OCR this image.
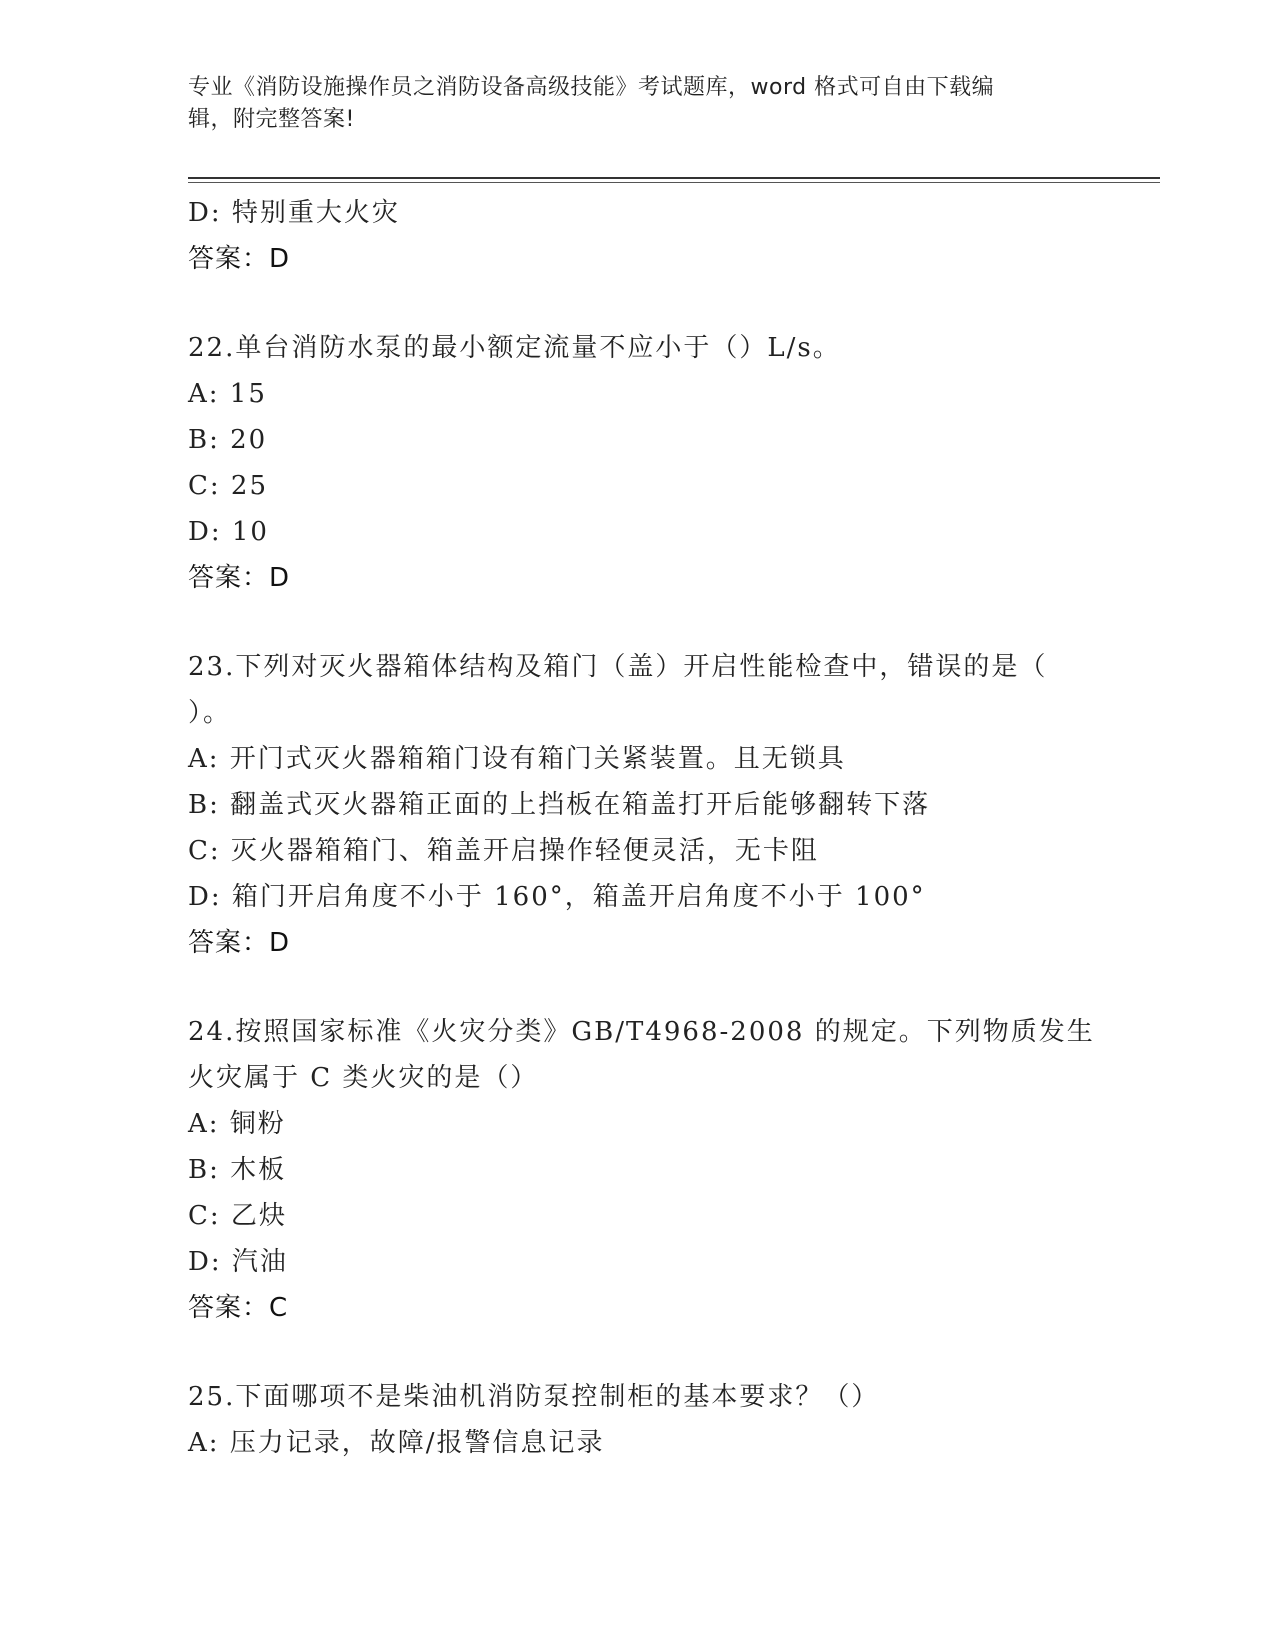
专业《消防设施操作员之消防设备高级技能》考试题库，word 格式可自由下载编
辑，附完整答案!
D: 特别重大火灾
答案：D
22.单台消防水泵的最小额定流量不应小于（）L/s。
A: 15
B: 20
C: 25
D: 10
答案：D
23.下列对灭火器箱体结构及箱门（盖）开启性能检查中，错误的是（
）。
A: 开门式灭火器箱箱门设有箱门关紧装置。且无锁具
B: 翻盖式灭火器箱正面的上挡板在箱盖打开后能够翻转下落
C: 灭火器箱箱门、箱盖开启操作轻便灵活，无卡阻
D: 箱门开启角度不小于 160°，箱盖开启角度不小于 100°
答案：D
24.按照国家标准《火灾分类》GB/T4968-2008 的规定。下列物质发生
火灾属于 C 类火灾的是（）
A: 铜粉
B: 木板
C: 乙炔
D: 汽油
答案：C
25.下面哪项不是柴油机消防泵控制柜的基本要求？（）
A: 压力记录，故障/报警信息记录
